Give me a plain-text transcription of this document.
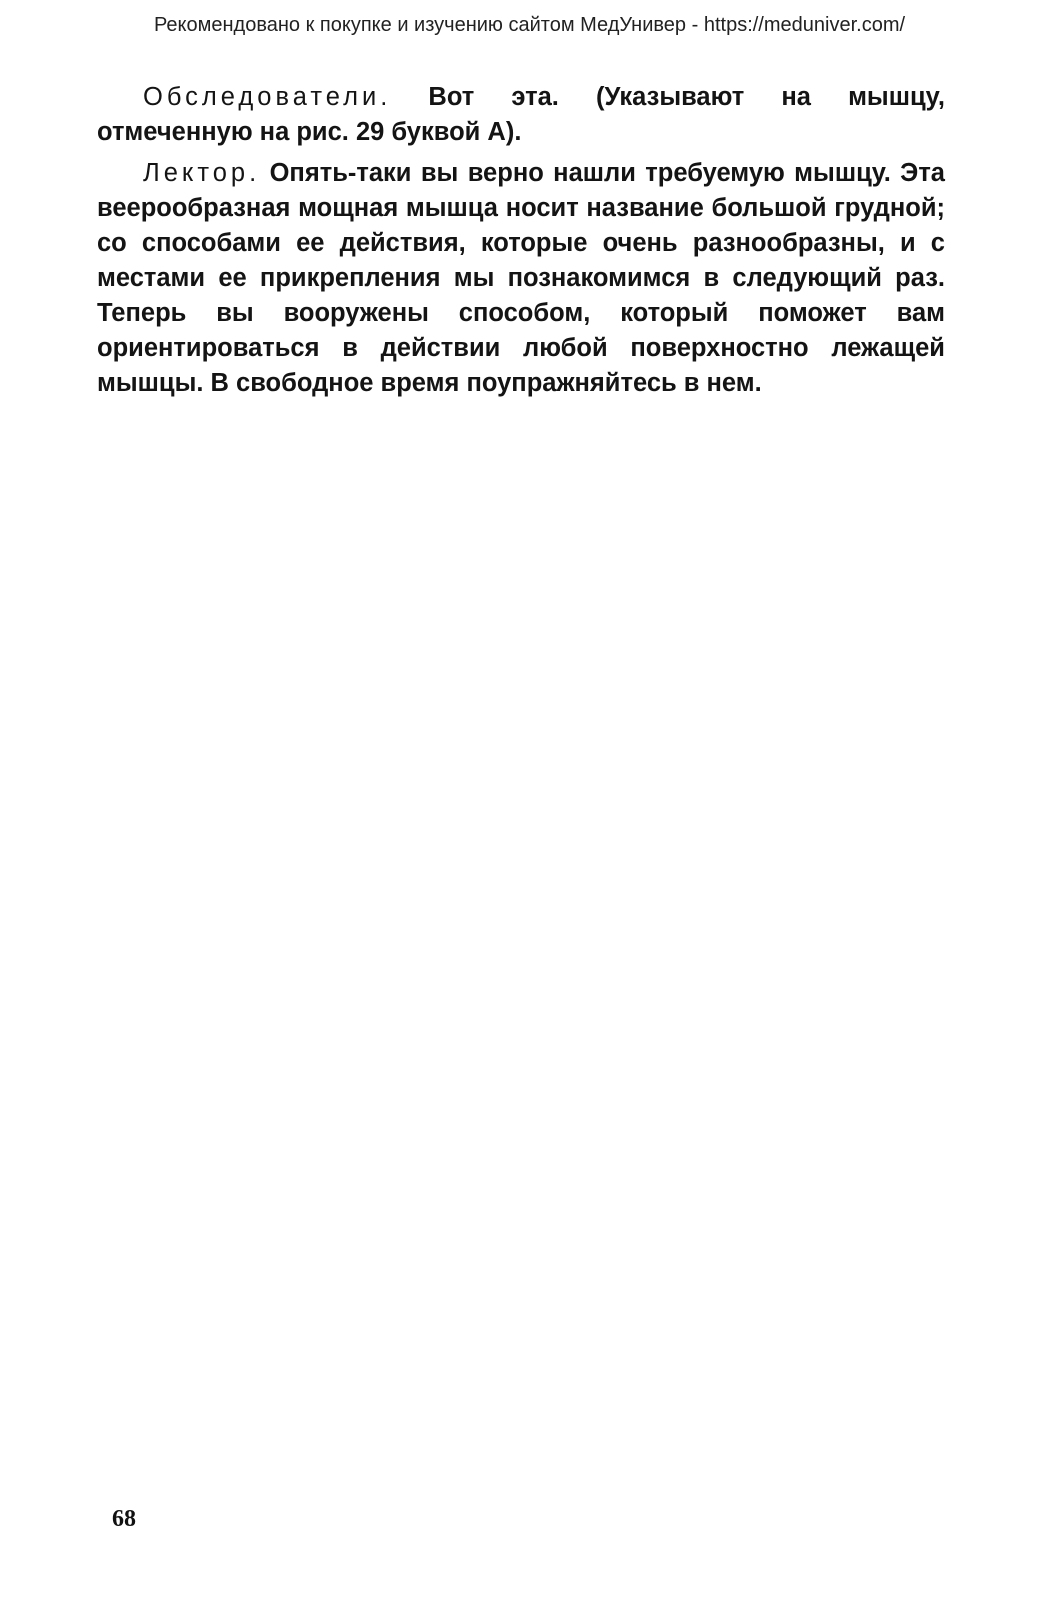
Рекомендовано к покупке и изучению сайтом МедУнивер - https://meduniver.com/

Обследователи. Вот эта. (Указывают на мышцу, отмеченную на рис. 29 буквой А).

Лектор. Опять-таки вы верно нашли требуемую мышцу. Эта веерообразная мощная мышца носит название большой грудной; со способами ее действия, которые очень разнообразны, и с местами ее прикрепления мы познакомимся в следующий раз. Теперь вы вооружены способом, который поможет вам ориентироваться в действии любой поверхностно лежащей мышцы. В свободное время поупражняйтесь в нем.

68
